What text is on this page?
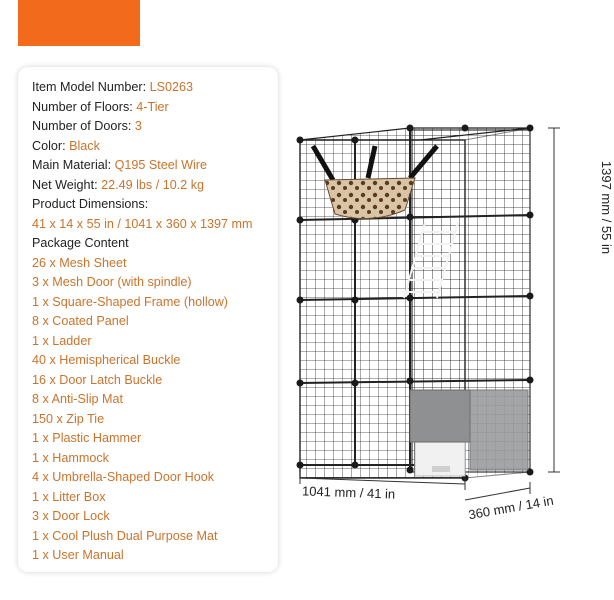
Item Model Number: LS0263
Number of Floors: 4-Tier
Number of Doors: 3
Color: Black
Main Material: Q195 Steel Wire
Net Weight: 22.49 lbs / 10.2 kg
Product Dimensions:
41 x 14 x 55 in / 1041 x 360 x 1397 mm
Package Content
26 x Mesh Sheet
3 x Mesh Door (with spindle)
1 x Square-Shaped Frame (hollow)
8 x Coated Panel
1 x Ladder
40 x Hemispherical Buckle
16 x Door Latch Buckle
8 x Anti-Slip Mat
150 x Zip Tie
1 x Plastic Hammer
1 x Hammock
4 x Umbrella-Shaped Door Hook
1 x Litter Box
3 x Door Lock
1 x Cool Plush Dual Purpose Mat
1 x User Manual
1397 mm / 55 in
1041 mm / 41 in
360 mm / 14 in
